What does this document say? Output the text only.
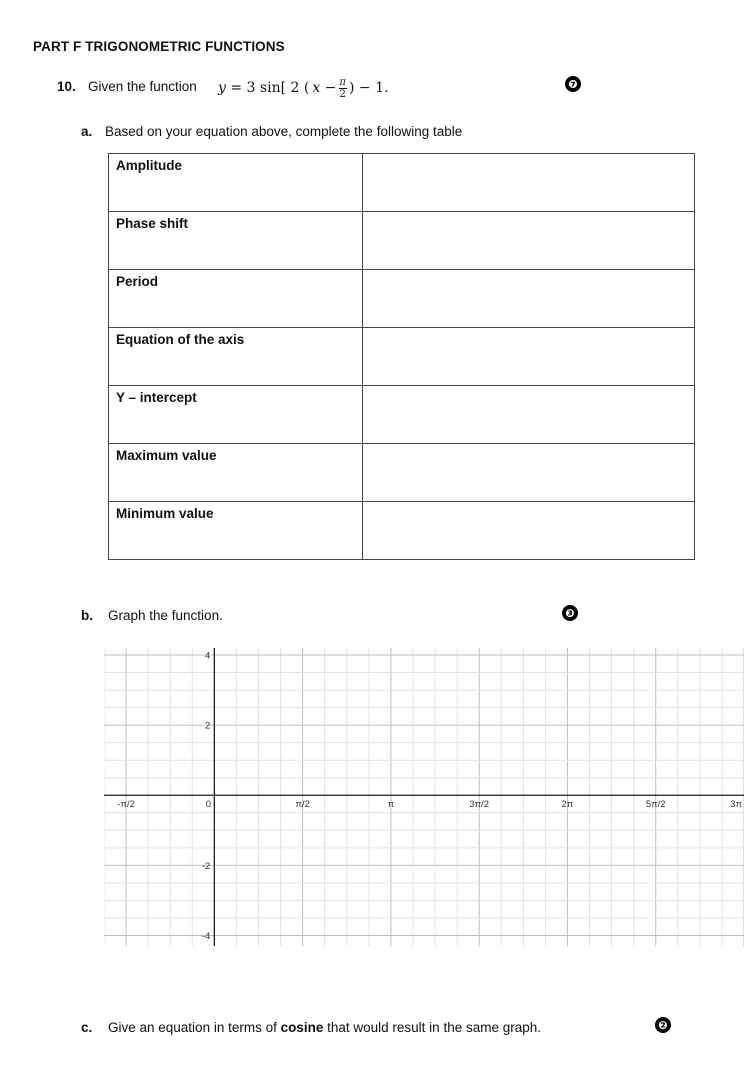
PART F TRIGONOMETRIC FUNCTIONS
10. Given the function y = 3 sin[ 2 ( $x - \frac{\pi}{2}$ ) − 1.	❼
a. Based on your equation above, complete the following table
Amplitude	
Phase shift	
Period	
Equation of the axis	
Y – intercept	
Maximum value	
Minimum value	
b. Graph the function.	❸
-π/2	0	π/2	π	3π/2	2π	5π/2	3π
4
2
-2
-4
c. Give an equation in terms of cosine that would result in the same graph.	❷
